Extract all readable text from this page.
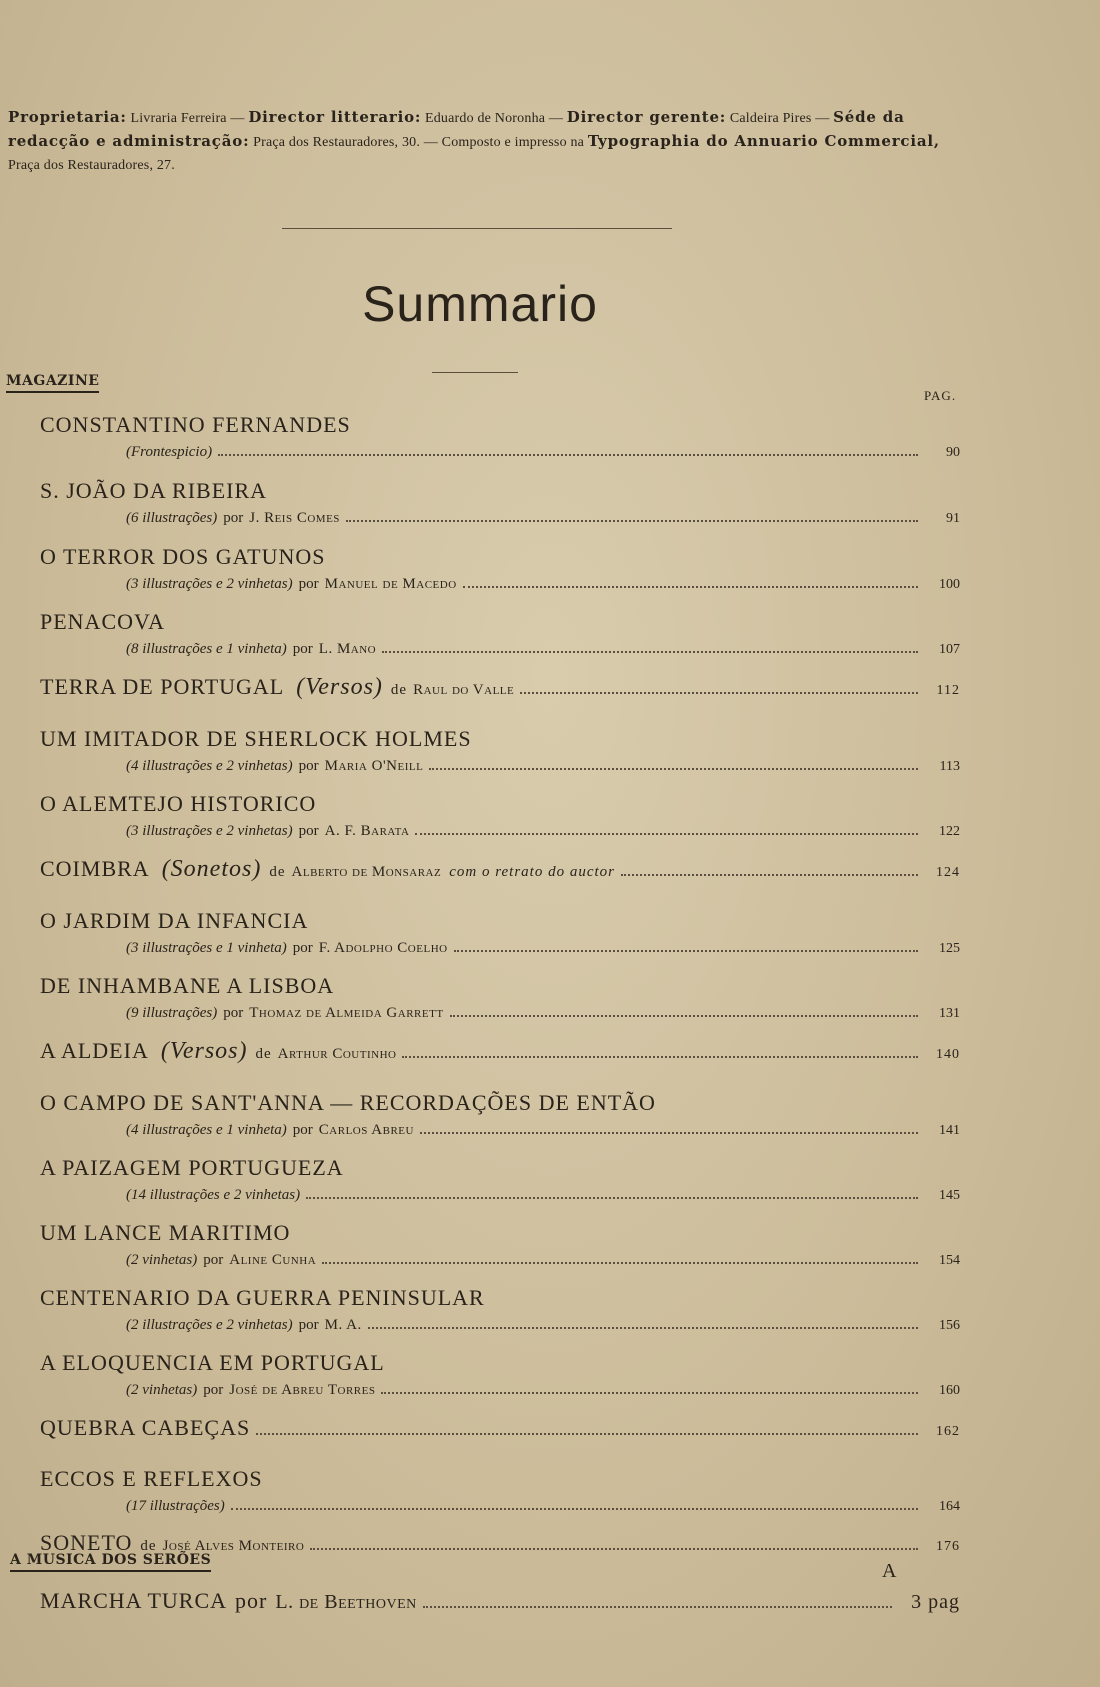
Proprietaria: Livraria Ferreira — Director litterario: Eduardo de Noronha — Director gerente: Caldeira Pires — Séde da redacção e administração: Praça dos Restauradores, 30. — Composto e impresso na Typographia do Annuario Commercial, Praça dos Restauradores, 27.
Summario
MAGAZINE
PAG.
CONSTANTINO FERNANDES
(Frontespicio)	90
S. JOÃO DA RIBEIRA
(6 illustrações) por J. Reis Comes	91
O TERROR DOS GATUNOS
(3 illustrações e 2 vinhetas) por Manuel de Macedo	100
PENACOVA
(8 illustrações e 1 vinheta) por L. Mano	107
TERRA DE PORTUGAL (Versos) de Raul do Valle	112
UM IMITADOR DE SHERLOCK HOLMES
(4 illustrações e 2 vinhetas) por Maria O'Neill	113
O ALEMTEJO HISTORICO
(3 illustrações e 2 vinhetas) por A. F. Barata	122
COIMBRA (Sonetos) de Alberto de Monsaraz com o retrato do auctor	124
O JARDIM DA INFANCIA
(3 illustrações e 1 vinheta) por F. Adolpho Coelho	125
DE INHAMBANE A LISBOA
(9 illustrações) por Thomaz de Almeida Garrett	131
A ALDEIA (Versos) de Arthur Coutinho	140
O CAMPO DE SANT'ANNA — RECORDAÇÕES DE ENTÃO
(4 illustrações e 1 vinheta) por Carlos Abreu	141
A PAIZAGEM PORTUGUEZA
(14 illustrações e 2 vinhetas)	145
UM LANCE MARITIMO
(2 vinhetas) por Aline Cunha	154
CENTENARIO DA GUERRA PENINSULAR
(2 illustrações e 2 vinhetas) por M. A.	156
A ELOQUENCIA EM PORTUGAL
(2 vinhetas) por José de Abreu Torres	160
QUEBRA CABEÇAS	162
ECCOS E REFLEXOS
(17 illustrações)	164
SONETO de José Alves Monteiro	176
A MUSICA DOS SERÕES
MARCHA TURCA por L. de Beethoven	3 pag
A
